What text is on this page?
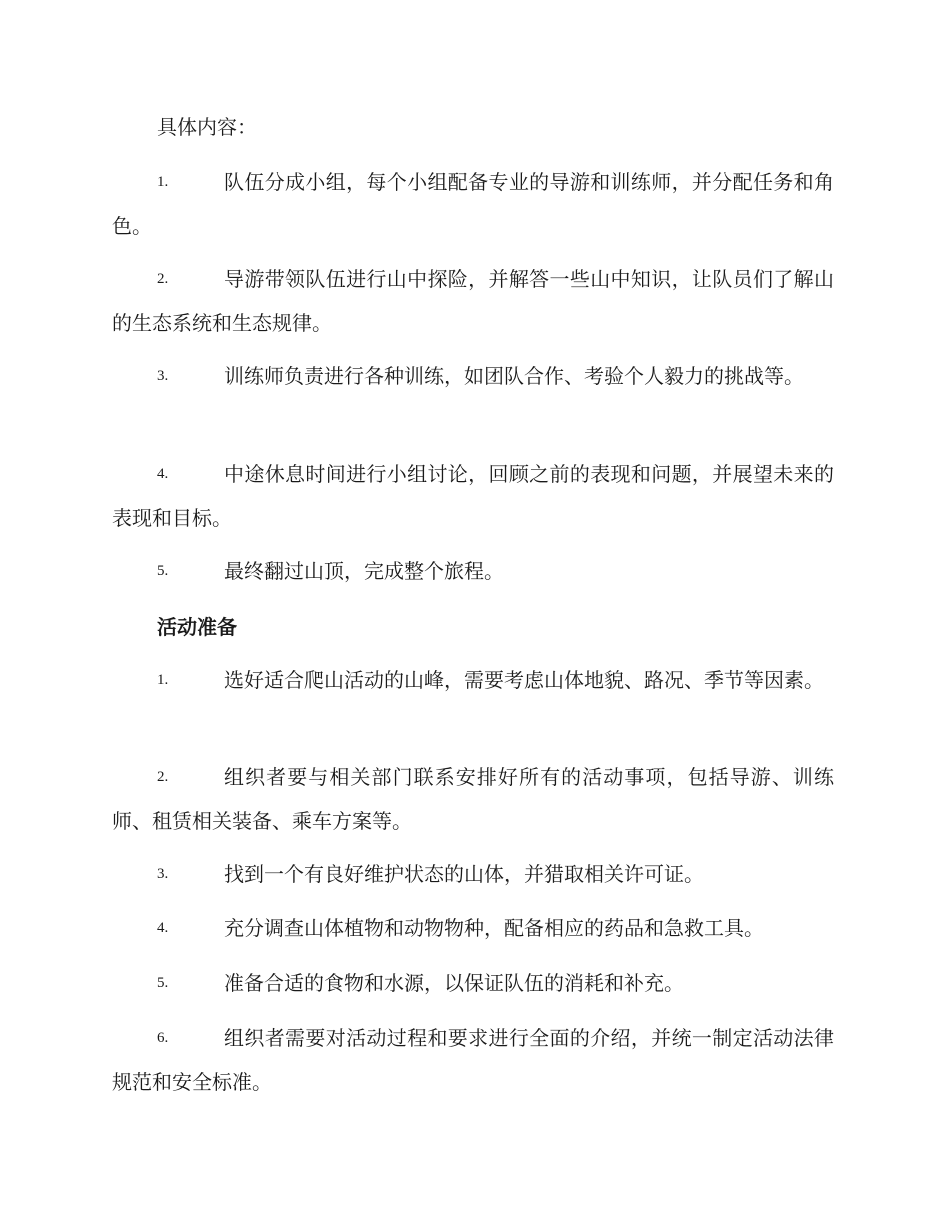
具体内容：
1.	队伍分成小组，每个小组配备专业的导游和训练师，并分配任务和角色。
2.	导游带领队伍进行山中探险，并解答一些山中知识，让队员们了解山的生态系统和生态规律。
3.	训练师负责进行各种训练，如团队合作、考验个人毅力的挑战等。
4.	中途休息时间进行小组讨论，回顾之前的表现和问题，并展望未来的表现和目标。
5.	最终翻过山顶，完成整个旅程。
活动准备
1.	选好适合爬山活动的山峰，需要考虑山体地貌、路况、季节等因素。
2.	组织者要与相关部门联系安排好所有的活动事项，包括导游、训练师、租赁相关装备、乘车方案等。
3.	找到一个有良好维护状态的山体，并猎取相关许可证。
4.	充分调查山体植物和动物物种，配备相应的药品和急救工具。
5.	准备合适的食物和水源，以保证队伍的消耗和补充。
6.	组织者需要对活动过程和要求进行全面的介绍，并统一制定活动法律规范和安全标准。
